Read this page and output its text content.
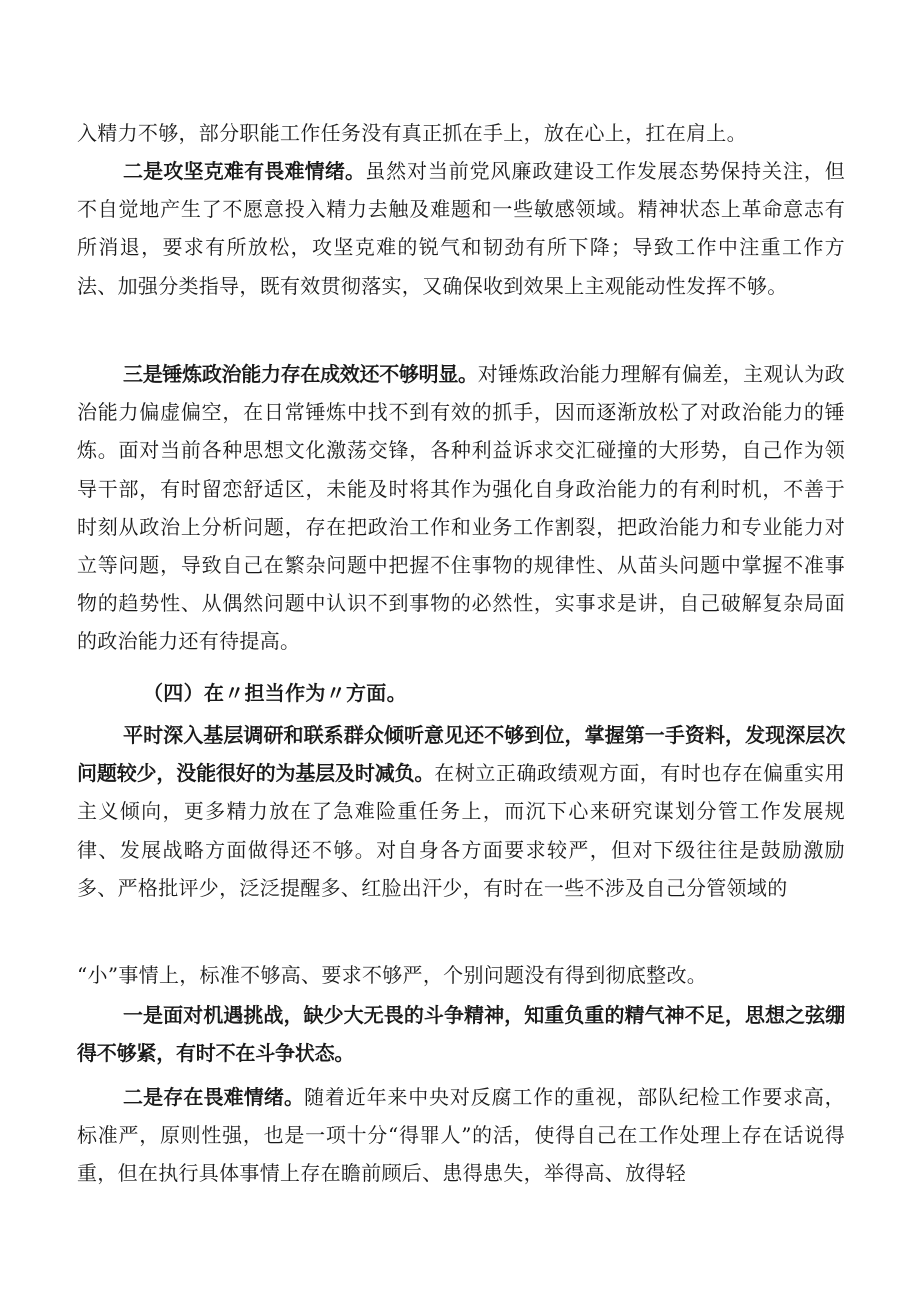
入精力不够，部分职能工作任务没有真正抓在手上，放在心上，扛在肩上。

二是攻坚克难有畏难情绪。虽然对当前党风廉政建设工作发展态势保持关注，但不自觉地产生了不愿意投入精力去触及难题和一些敏感领域。精神状态上革命意志有所消退，要求有所放松，攻坚克难的锐气和韧劲有所下降；导致工作中注重工作方法、加强分类指导，既有效贯彻落实，又确保收到效果上主观能动性发挥不够。

三是锤炼政治能力存在成效还不够明显。对锤炼政治能力理解有偏差，主观认为政治能力偏虚偏空，在日常锤炼中找不到有效的抓手，因而逐渐放松了对政治能力的锤炼。面对当前各种思想文化激荡交锋，各种利益诉求交汇碰撞的大形势，自己作为领导干部，有时留恋舒适区，未能及时将其作为强化自身政治能力的有利时机，不善于时刻从政治上分析问题，存在把政治工作和业务工作割裂，把政治能力和专业能力对立等问题，导致自己在繁杂问题中把握不住事物的规律性、从苗头问题中掌握不准事物的趋势性、从偶然问题中认识不到事物的必然性，实事求是讲，自己破解复杂局面的政治能力还有待提高。

（四）在〃担当作为〃方面。

平时深入基层调研和联系群众倾听意见还不够到位，掌握第一手资料，发现深层次问题较少，没能很好的为基层及时减负。在树立正确政绩观方面，有时也存在偏重实用主义倾向，更多精力放在了急难险重任务上，而沉下心来研究谋划分管工作发展规律、发展战略方面做得还不够。对自身各方面要求较严，但对下级往往是鼓励激励多、严格批评少，泛泛提醒多、红脸出汗少，有时在一些不涉及自己分管领域的

“小”事情上，标准不够高、要求不够严，个别问题没有得到彻底整改。

一是面对机遇挑战，缺少大无畏的斗争精神，知重负重的精气神不足，思想之弦绷得不够紧，有时不在斗争状态。

二是存在畏难情绪。随着近年来中央对反腐工作的重视，部队纪检工作要求高，标准严，原则性强，也是一项十分“得罪人”的活，使得自己在工作处理上存在话说得重，但在执行具体事情上存在瞻前顾后、患得患失，举得高、放得轻
